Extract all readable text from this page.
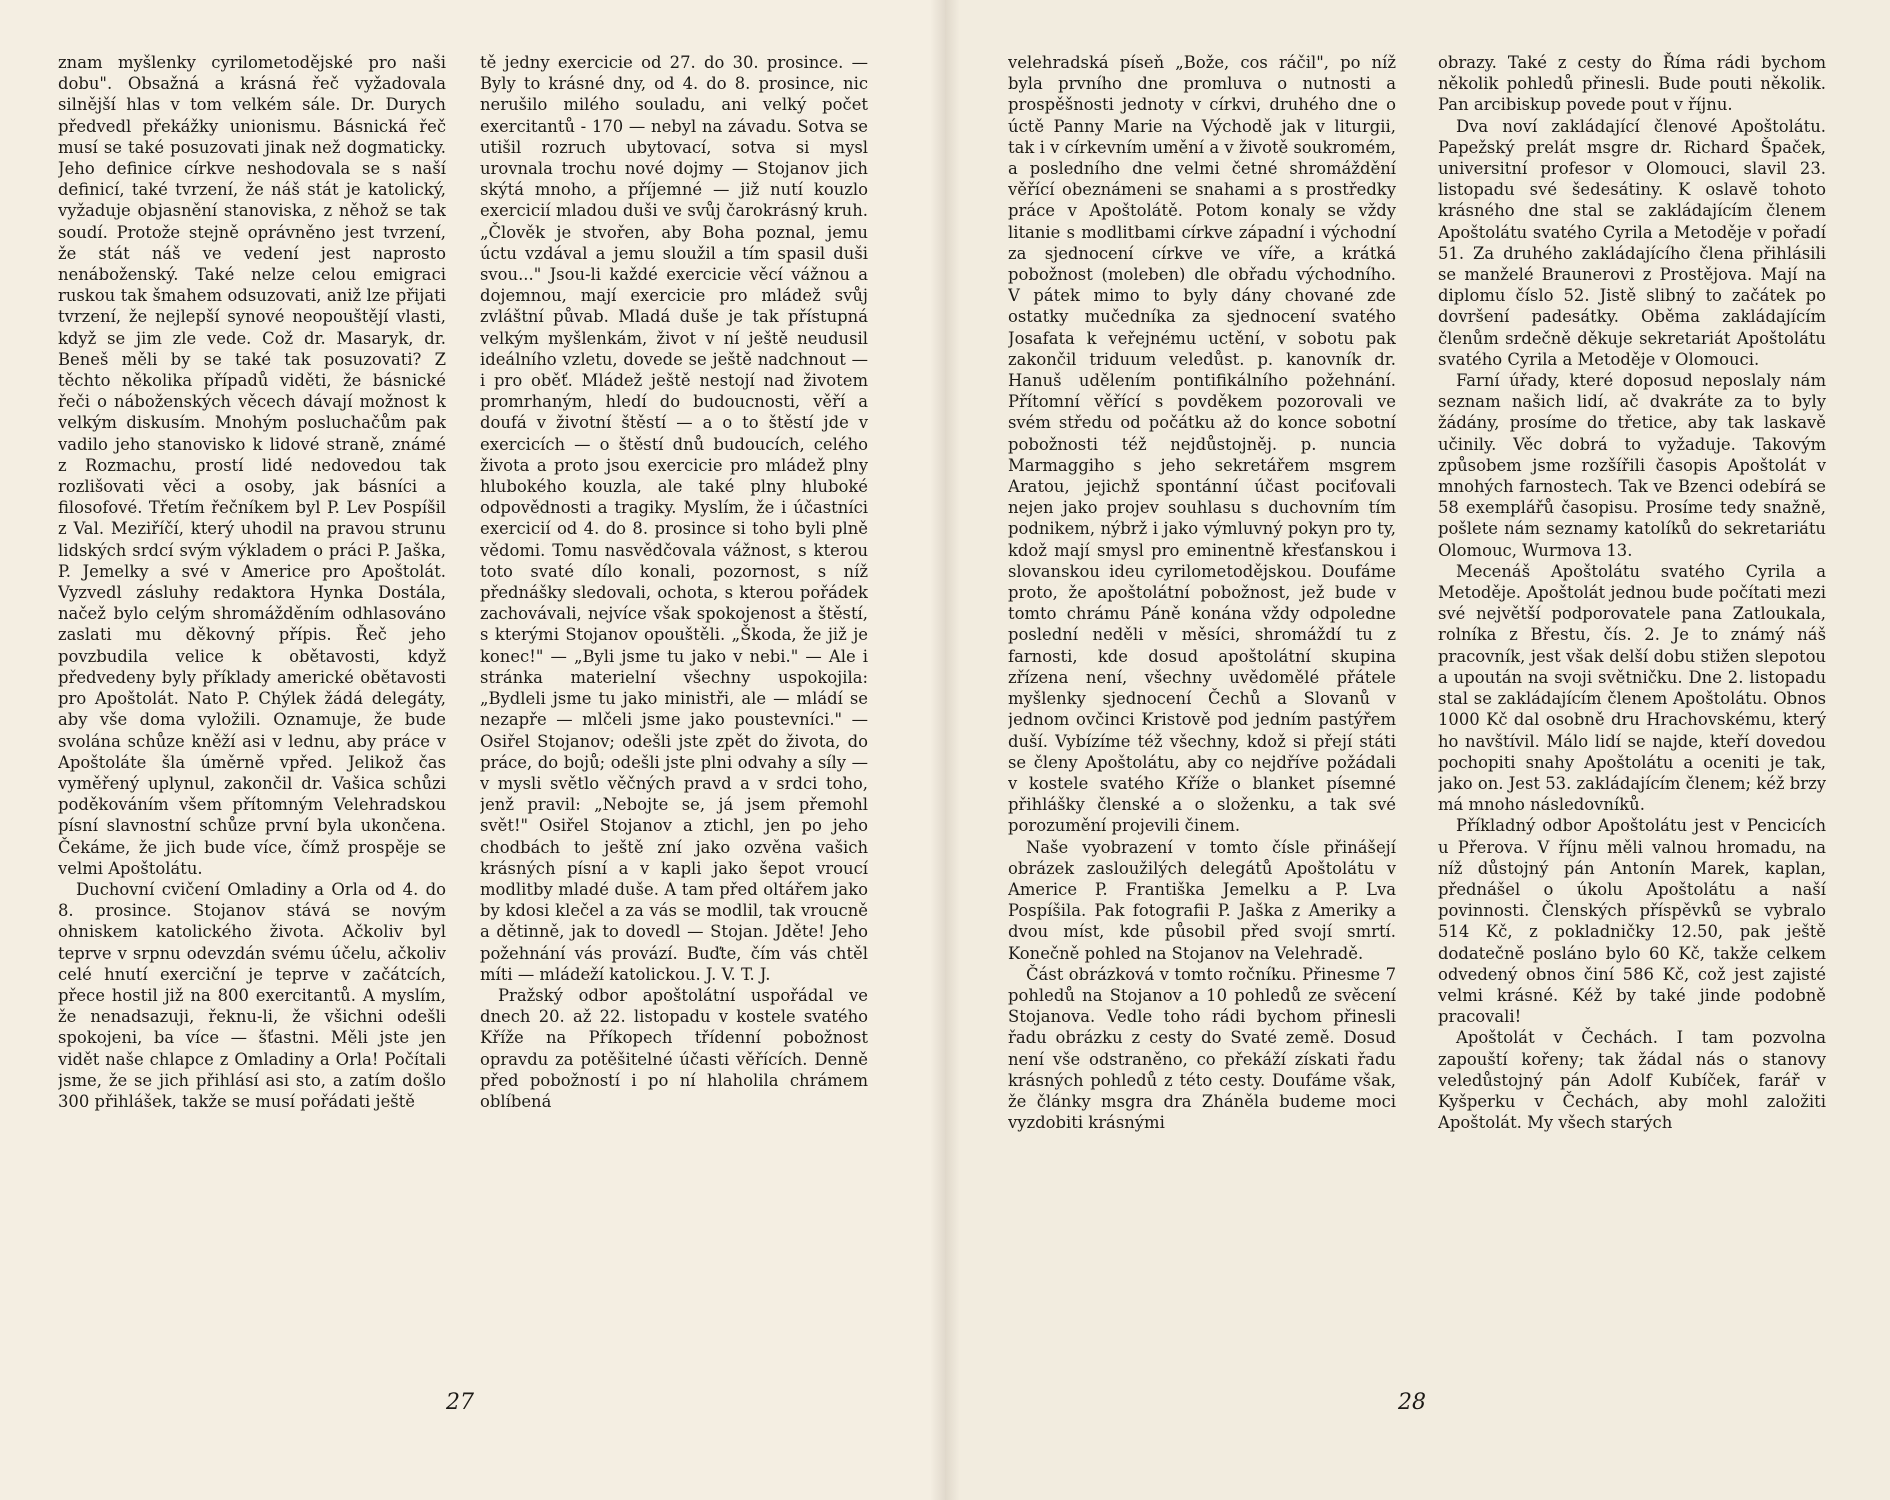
znam myšlenky cyrilometodějské pro naši dobu". Obsažná a krásná řeč vyžadovala silnější hlas v tom velkém sále. Dr. Durych předvedl překážky unionismu. Básnická řeč musí se také posuzovati jinak než dogmaticky. Jeho definice církve neshodovala se s naší definicí, také tvrzení, že náš stát je katolický, vyžaduje objasnění stanoviska, z něhož se tak soudí. Protože stejně oprávněno jest tvrzení, že stát náš ve vedení jest naprosto nenáboženský. Také nelze celou emigraci ruskou tak šmahem odsuzovati, aniž lze přijati tvrzení, že nejlepší synové neopouštějí vlasti, když se jim zle vede. Což dr. Masaryk, dr. Beneš měli by se také tak posuzovati? Z těchto několika případů viděti, že básnické řeči o náboženských věcech dávají možnost k velkým diskusím. Mnohým posluchačům pak vadilo jeho stanovisko k lidové straně, známé z Rozmachu, prostí lidé nedovedou tak rozlišovati věci a osoby, jak básníci a filosofové. Třetím řečníkem byl P. Lev Pospíšil z Val. Meziříčí, který uhodil na pravou strunu lidských srdcí svým výkladem o práci P. Jaška, P. Jemelky a své v Americe pro Apoštolát. Vyzvedl zásluhy redaktora Hynka Dostála, načež bylo celým shromážděním odhlasováno zaslati mu děkovný přípis. Řeč jeho povzbudila velice k obětavosti, když předvedeny byly příklady americké obětavosti pro Apoštolát. Nato P. Chýlek žádá delegáty, aby vše doma vyložili. Oznamuje, že bude svolána schůze kněží asi v lednu, aby práce v Apoštoláte šla úměrně vpřed. Jelikož čas vyměřený uplynul, zakončil dr. Vašica schůzi poděkováním všem přítomným Velehradskou písní slavnostní schůze první byla ukončena. Čekáme, že jich bude více, čímž prospěje se velmi Apoštolátu.

Duchovní cvičení Omladiny a Orla od 4. do 8. prosince. Stojanov stává se novým ohniskem katolického života. Ačkoliv byl teprve v srpnu odevzdán svému účelu, ačkoliv celé hnutí exerciční je teprve v začátcích, přece hostil již na 800 exercitantů. A myslím, že nenadsazuji, řeknu-li, že všichni odešli spokojeni, ba více — šťastni. Měli jste jen vidět naše chlapce z Omladiny a Orla! Počítali jsme, že se jich přihlásí asi sto, a zatím došlo 300 přihlášek, takže se musí pořádati ještě

tě jedny exercicie od 27. do 30. prosince. — Byly to krásné dny, od 4. do 8. prosince, nic nerušilo milého souladu, ani velký počet exercitantů - 170 — nebyl na závadu. Sotva se utišil rozruch ubytovací, sotva si mysl urovnala trochu nové dojmy — Stojanov jich skýtá mnoho, a příjemné — již nutí kouzlo exercicií mladou duši ve svůj čarokrásný kruh. „Člověk je stvořen, aby Boha poznal, jemu úctu vzdával a jemu sloužil a tím spasil duši svou..." Jsou-li každé exercicie věcí vážnou a dojemnou, mají exercicie pro mládež svůj zvláštní půvab. Mladá duše je tak přístupná velkým myšlenkám, život v ní ještě neudusil ideálního vzletu, dovede se ještě nadchnout — i pro oběť. Mládež ještě nestojí nad životem promrhaným, hledí do budoucnosti, věří a doufá v životní štěstí — a o to štěstí jde v exercicích — o štěstí dnů budoucích, celého života a proto jsou exercicie pro mládež plny hlubokého kouzla, ale také plny hluboké odpovědnosti a tragiky. Myslím, že i účastníci exercicií od 4. do 8. prosince si toho byli plně vědomi. Tomu nasvědčovala vážnost, s kterou toto svaté dílo konali, pozornost, s níž přednášky sledovali, ochota, s kterou pořádek zachovávali, nejvíce však spokojenost a štěstí, s kterými Stojanov opouštěli. „Škoda, že již je konec!" — „Byli jsme tu jako v nebi." — Ale i stránka materielní všechny uspokojila: „Bydleli jsme tu jako ministři, ale — mládí se nezapře — mlčeli jsme jako poustevníci." — Osiřel Stojanov; odešli jste zpět do života, do práce, do bojů; odešli jste plni odvahy a síly — v mysli světlo věčných pravd a v srdci toho, jenž pravil: „Nebojte se, já jsem přemohl svět!" Osiřel Stojanov a ztichl, jen po jeho chodbách to ještě zní jako ozvěna vašich krásných písní a v kapli jako šepot vroucí modlitby mladé duše. A tam před oltářem jako by kdosi klečel a za vás se modlil, tak vroucně a dětinně, jak to dovedl — Stojan. Jděte! Jeho požehnání vás provází. Buďte, čím vás chtěl míti — mládeží katolickou. J. V. T. J.

Pražský odbor apoštolátní uspořádal ve dnech 20. až 22. listopadu v kostele svatého Kříže na Příkopech třídenní pobožnost opravdu za potěšitelné účasti věřících. Denně před pobožností i po ní hlaholila chrámem oblíbená

27

velehradská píseň „Bože, cos ráčil", po níž byla prvního dne promluva o nutnosti a prospěšnosti jednoty v církvi, druhého dne o úctě Panny Marie na Východě jak v liturgii, tak i v církevním umění a v životě soukromém, a posledního dne velmi četné shromáždění věřící obeznámeni se snahami a s prostředky práce v Apoštolátě. Potom konaly se vždy litanie s modlitbami církve západní i východní za sjednocení církve ve víře, a krátká pobožnost (moleben) dle obřadu východního. V pátek mimo to byly dány chované zde ostatky mučedníka za sjednocení svatého Josafata k veřejnému uctění, v sobotu pak zakončil triduum veledůst. p. kanovník dr. Hanuš udělením pontifikálního požehnání. Přítomní věřící s povděkem pozorovali ve svém středu od počátku až do konce sobotní pobožnosti též nejdůstojněj. p. nuncia Marmaggiho s jeho sekretářem msgrem Aratou, jejichž spontánní účast pociťovali nejen jako projev souhlasu s duchovním tím podnikem, nýbrž i jako výmluvný pokyn pro ty, kdož mají smysl pro eminentně křesťanskou i slovanskou ideu cyrilometodějskou. Doufáme proto, že apoštolátní pobožnost, jež bude v tomto chrámu Páně konána vždy odpoledne poslední neděli v měsíci, shromáždí tu z farnosti, kde dosud apoštolátní skupina zřízena není, všechny uvědomělé přátele myšlenky sjednocení Čechů a Slovanů v jednom ovčinci Kristově pod jedním pastýřem duší. Vybízíme též všechny, kdož si přejí státi se členy Apoštolátu, aby co nejdříve požádali v kostele svatého Kříže o blanket písemné přihlášky členské a o složenku, a tak své porozumění projevili činem.

Naše vyobrazení v tomto čísle přinášejí obrázek zasloužilých delegátů Apoštolátu v Americe P. Františka Jemelku a P. Lva Pospíšila. Pak fotografii P. Jaška z Ameriky a dvou míst, kde působil před svojí smrtí. Konečně pohled na Stojanov na Velehradě.

Část obrázková v tomto ročníku. Přinesme 7 pohledů na Stojanov a 10 pohledů ze svěcení Stojanova. Vedle toho rádi bychom přinesli řadu obrázku z cesty do Svaté země. Dosud není vše odstraněno, co překáží získati řadu krásných pohledů z této cesty. Doufáme však, že články msgra dra Zháněla budeme moci vyzdobiti krásnými

obrazy. Také z cesty do Říma rádi bychom několik pohledů přinesli. Bude pouti několik. Pan arcibiskup povede pout v říjnu.

Dva noví zakládající členové Apoštolátu. Papežský prelát msgre dr. Richard Špaček, universitní profesor v Olomouci, slavil 23. listopadu své šedesátiny. K oslavě tohoto krásného dne stal se zakládajícím členem Apoštolátu svatého Cyrila a Metoděje v pořadí 51. Za druhého zakládajícího člena přihlásili se manželé Braunerovi z Prostějova. Mají na diplomu číslo 52. Jistě slibný to začátek po dovršení padesátky. Oběma zakládajícím členům srdečně děkuje sekretariát Apoštolátu svatého Cyrila a Metoděje v Olomouci.

Farní úřady, které doposud neposlaly nám seznam našich lidí, ač dvakráte za to byly žádány, prosíme do třetice, aby tak laskavě učinily. Věc dobrá to vyžaduje. Takovým způsobem jsme rozšířili časopis Apoštolát v mnohých farnostech. Tak ve Bzenci odebírá se 58 exemplářů časopisu. Prosíme tedy snažně, pošlete nám seznamy katolíků do sekretariátu Olomouc, Wurmova 13.

Mecenáš Apoštolátu svatého Cyrila a Metoděje. Apoštolát jednou bude počítati mezi své největší podporovatele pana Zatloukala, rolníka z Břestu, čís. 2. Je to známý náš pracovník, jest však delší dobu stižen slepotou a upoután na svoji světničku. Dne 2. listopadu stal se zakládajícím členem Apoštolátu. Obnos 1000 Kč dal osobně dru Hrachovskému, který ho navštívil. Málo lidí se najde, kteří dovedou pochopiti snahy Apoštolátu a oceniti je tak, jako on. Jest 53. zakládajícím členem; kéž brzy má mnoho následovníků.

Příkladný odbor Apoštolátu jest v Pencicích u Přerova. V říjnu měli valnou hromadu, na níž důstojný pán Antonín Marek, kaplan, přednášel o úkolu Apoštolátu a naší povinnosti. Členských příspěvků se vybralo 514 Kč, z pokladničky 12.50, pak ještě dodatečně posláno bylo 60 Kč, takže celkem odvedený obnos činí 586 Kč, což jest zajisté velmi krásné. Kéž by také jinde podobně pracovali!

Apoštolát v Čechách. I tam pozvolna zapouští kořeny; tak žádal nás o stanovy veledůstojný pán Adolf Kubíček, farář v Kyšperku v Čechách, aby mohl založiti Apoštolát. My všech starých

28
